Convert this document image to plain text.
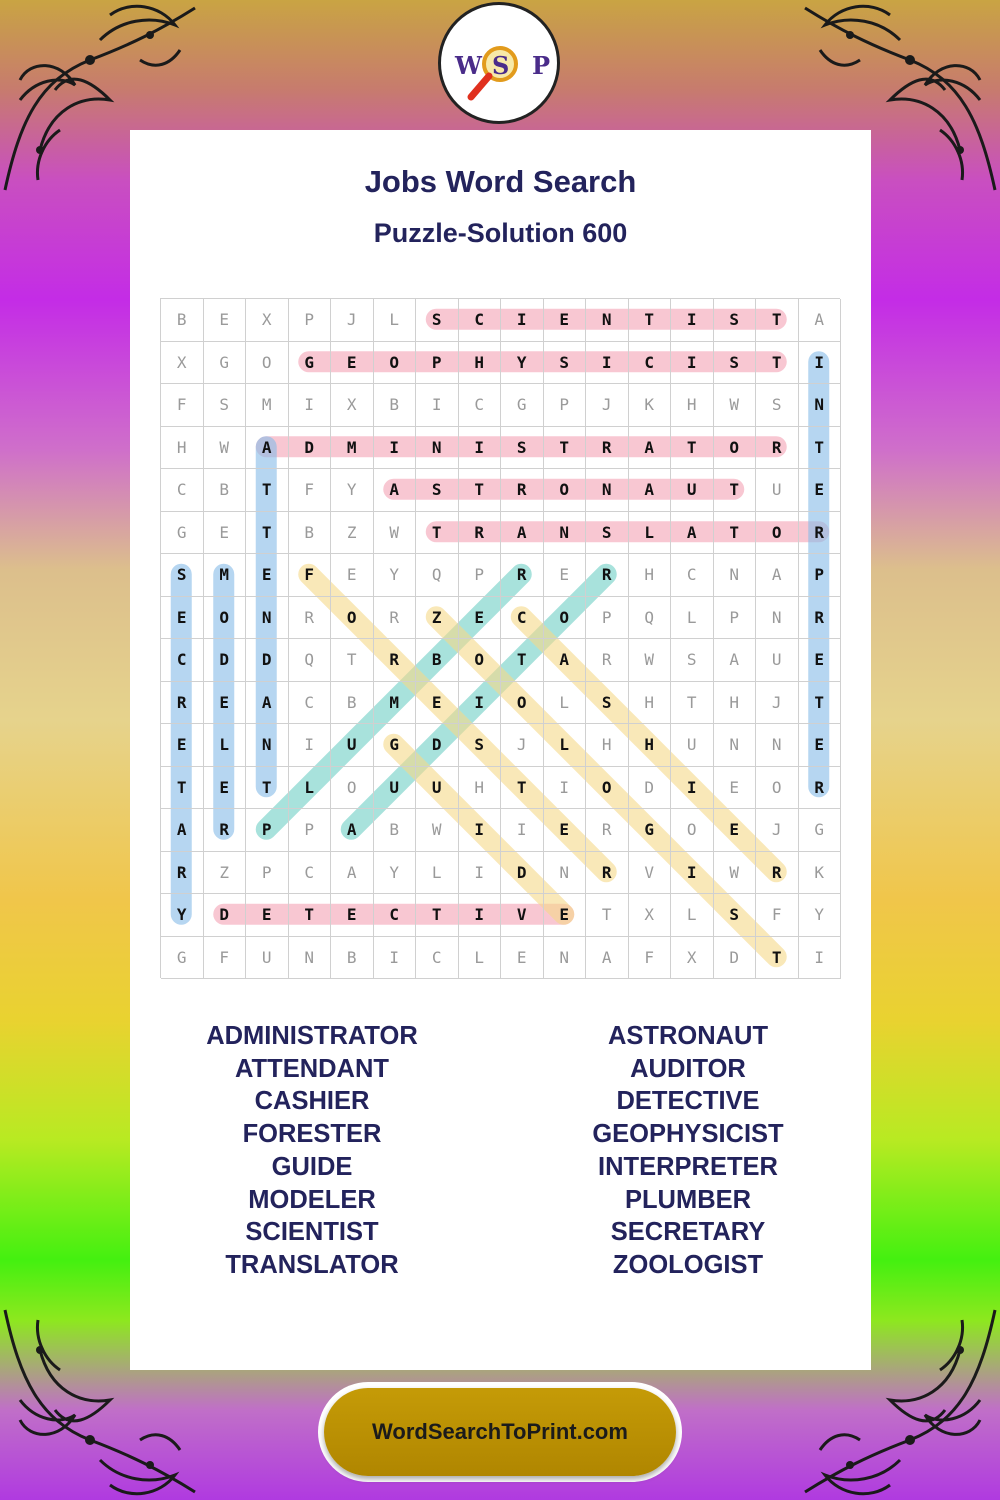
W S P
Jobs Word Search
Puzzle-Solution 600
B	E	X	P	J	L	S	C	I	E	N	T	I	S	T	A
X	G	O	G	E	O	P	H	Y	S	I	C	I	S	T	I
F	S	M	I	X	B	I	C	G	P	J	K	H	W	S	N
H	W	A	D	M	I	N	I	S	T	R	A	T	O	R	T
C	B	T	F	Y	A	S	T	R	O	N	A	U	T	U	E
G	E	T	B	Z	W	T	R	A	N	S	L	A	T	O	R
S	M	E	F	E	Y	Q	P	R	E	R	H	C	N	A	P
E	O	N	R	O	R	Z	E	C	O	P	Q	L	P	N	R
C	D	D	Q	T	R	B	O	T	A	R	W	S	A	U	E
R	E	A	C	B	M	E	I	O	L	S	H	T	H	J	T
E	L	N	I	U	G	D	S	J	L	H	H	U	N	N	E
T	E	T	L	O	U	U	H	T	I	O	D	I	E	O	R
A	R	P	P	A	B	W	I	I	E	R	G	O	E	J	G
R	Z	P	C	A	Y	L	I	D	N	R	V	I	W	R	K
Y	D	E	T	E	C	T	I	V	E	T	X	L	S	F	Y
G	F	U	N	B	I	C	L	E	N	A	F	X	D	T	I
ADMINISTRATOR
ATTENDANT
CASHIER
FORESTER
GUIDE
MODELER
SCIENTIST
TRANSLATOR
ASTRONAUT
AUDITOR
DETECTIVE
GEOPHYSICIST
INTERPRETER
PLUMBER
SECRETARY
ZOOLOGIST
WordSearchToPrint.com
